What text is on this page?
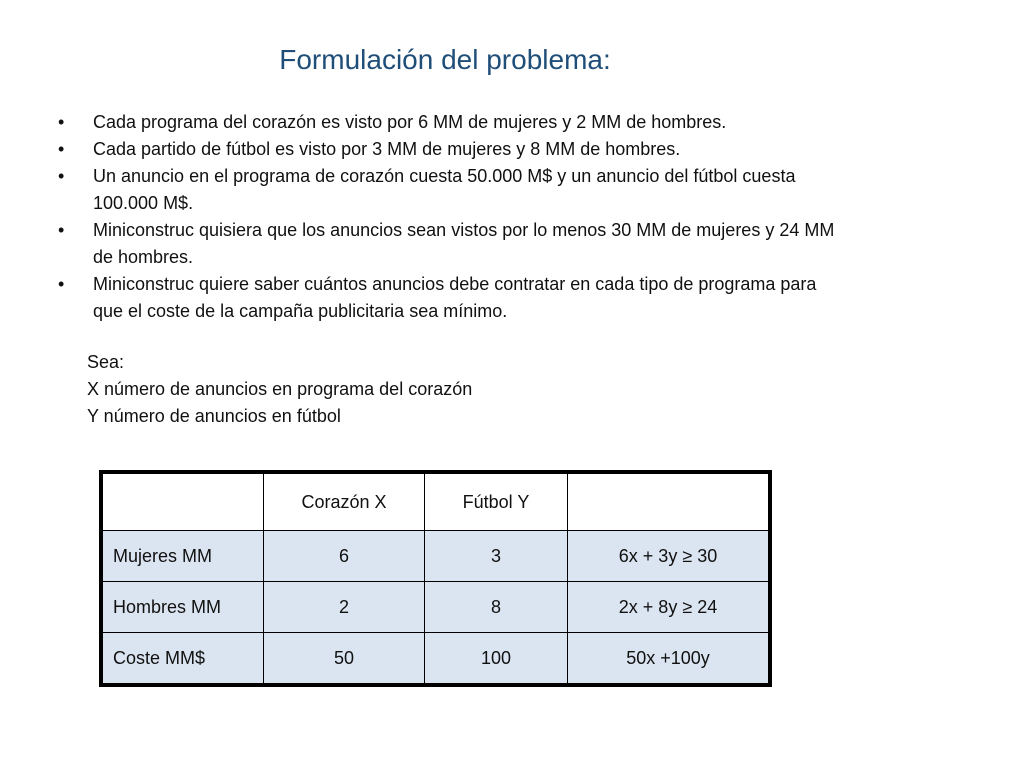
Formulación del problema:
• Cada programa del corazón es visto por 6 MM de mujeres y 2 MM de hombres.
• Cada partido de fútbol es visto por 3 MM de mujeres y 8 MM de hombres.
• Un anuncio en el programa de corazón cuesta 50.000 M$ y un anuncio del fútbol cuesta
100.000 M$.
• Miniconstruc quisiera que los anuncios sean vistos por lo menos 30 MM de mujeres y 24 MM
de hombres.
• Miniconstruc quiere saber cuántos anuncios debe contratar en cada tipo de programa para
que el coste de la campaña publicitaria sea mínimo.
Sea:
X número de anuncios en programa del corazón
Y número de anuncios en fútbol
	Corazón X	Fútbol Y	
Mujeres MM	6	3	6x + 3y ≥ 30
Hombres MM	2	8	2x + 8y ≥ 24
Coste MM$	50	100	50x +100y
